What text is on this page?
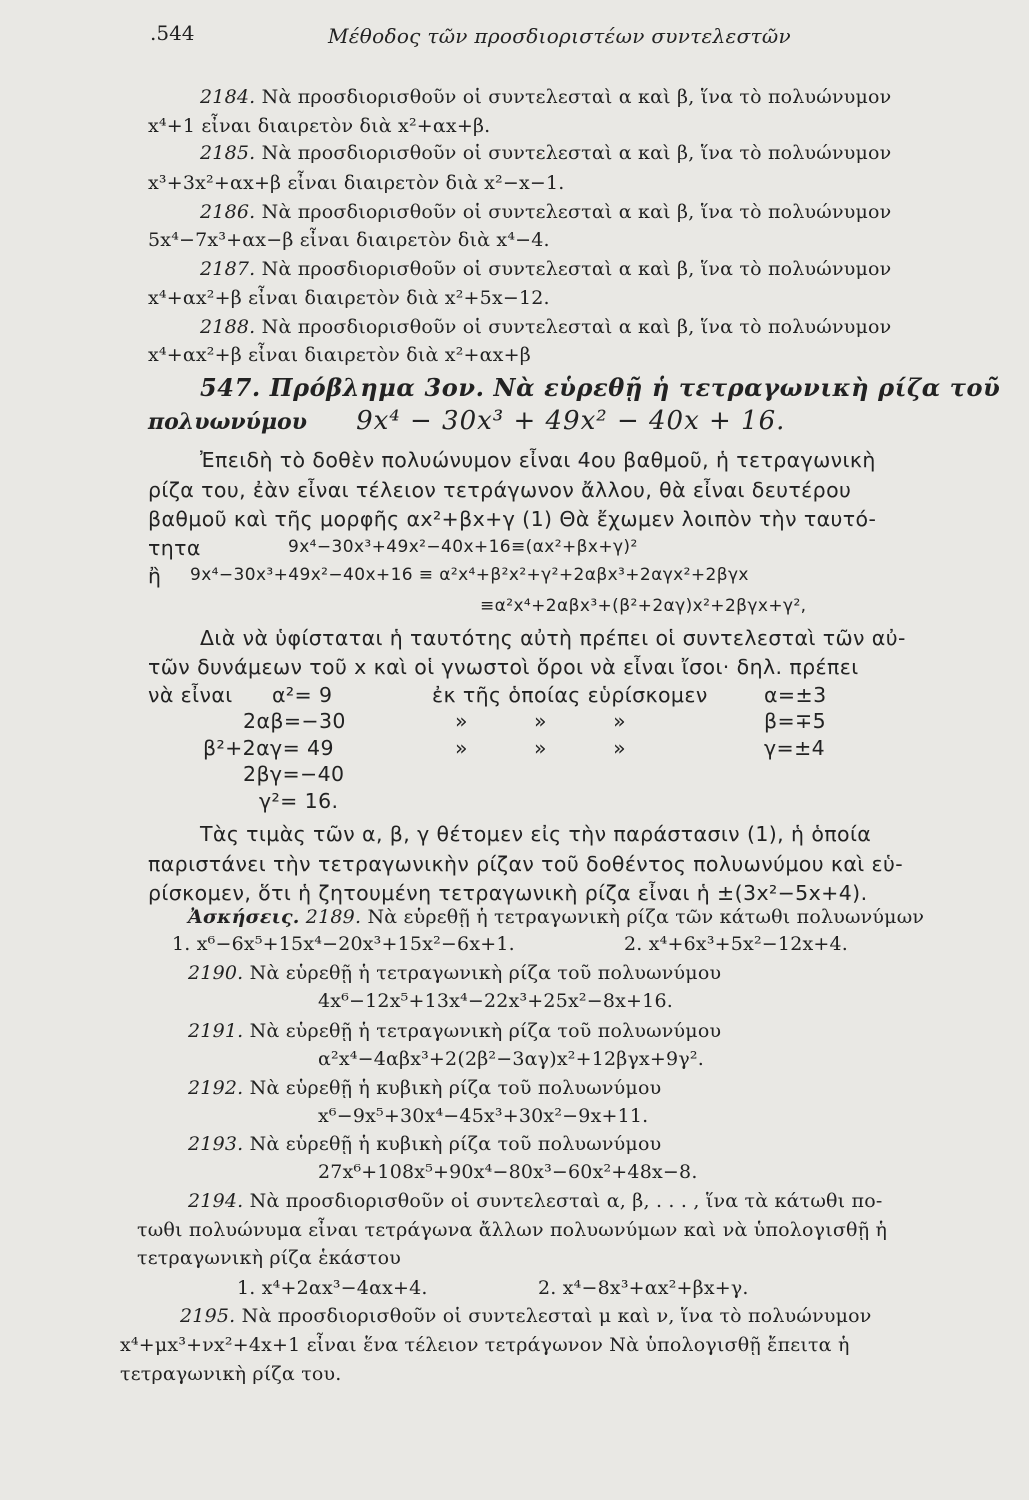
.544	Μέθοδος τῶν προσδιοριστέων συντελεστῶν
2184. Νὰ προσδιορισθοῦν οἱ συντελεσταὶ α καὶ β, ἵνα τὸ πολυώνυμον
x⁴+1 εἶναι διαιρετὸν διὰ x²+αx+β.
2185. Νὰ προσδιορισθοῦν οἱ συντελεσταὶ α καὶ β, ἵνα τὸ πολυώνυμον
x³+3x²+αx+β εἶναι διαιρετὸν διὰ x²−x−1.
2186. Νὰ προσδιορισθοῦν οἱ συντελεσταὶ α καὶ β, ἵνα τὸ πολυώνυμον
5x⁴−7x³+αx−β εἶναι διαιρετὸν διὰ x⁴−4.
2187. Νὰ προσδιορισθοῦν οἱ συντελεσταὶ α καὶ β, ἵνα τὸ πολυώνυμον
x⁴+αx²+β εἶναι διαιρετὸν διὰ x²+5x−12.
2188. Νὰ προσδιορισθοῦν οἱ συντελεσταὶ α καὶ β, ἵνα τὸ πολυώνυμον
x⁴+αx²+β εἶναι διαιρετὸν διὰ x²+αx+β
547. Πρόβλημα 3ον. Νὰ εὑρεθῇ ἡ τετραγωνικὴ ρίζα τοῦ
πολυωνύμου 9x⁴ − 30x³ + 49x² − 40x + 16.
Ἐπειδὴ τὸ δοθὲν πολυώνυμον εἶναι 4ου βαθμοῦ, ἡ τετραγωνικὴ
ρίζα του, ἐὰν εἶναι τέλειον τετράγωνον ἄλλου, θὰ εἶναι δευτέρου
βαθμοῦ καὶ τῆς μορφῆς αx²+βx+γ (1) Θὰ ἔχωμεν λοιπὸν τὴν ταυτό-
τητα	9x⁴−30x³+49x²−40x+16≡(αx²+βx+γ)²
ἢ 9x⁴−30x³+49x²−40x+16 ≡ α²x⁴+β²x²+γ²+2αβx³+2αγx²+2βγx
≡α²x⁴+2αβx³+(β²+2αγ)x²+2βγx+γ²,
Διὰ νὰ ὑφίσταται ἡ ταυτότης αὐτὴ πρέπει οἱ συντελεσταὶ τῶν αὐ-
τῶν δυνάμεων τοῦ x καὶ οἱ γνωστοὶ ὅροι νὰ εἶναι ἴσοι· δηλ. πρέπει
νὰ εἶναι α²= 9	ἐκ τῆς ὁποίας εὑρίσκομεν	α=±3
2αβ=−30	» » »	β=∓5
β²+2αγ= 49	» » »	γ=±4
2βγ=−40
γ²= 16.
Τὰς τιμὰς τῶν α, β, γ θέτομεν εἰς τὴν παράστασιν (1), ἡ ὁποία
παριστάνει τὴν τετραγωνικὴν ρίζαν τοῦ δοθέντος πολυωνύμου καὶ εὑ-
ρίσκομεν, ὅτι ἡ ζητουμένη τετραγωνικὴ ρίζα εἶναι ἡ ±(3x²−5x+4).
Ἀσκήσεις. 2189. Νὰ εὑρεθῇ ἡ τετραγωνικὴ ρίζα τῶν κάτωθι πολυωνύμων
1. x⁶−6x⁵+15x⁴−20x³+15x²−6x+1.	2. x⁴+6x³+5x²−12x+4.
2190. Νὰ εὑρεθῇ ἡ τετραγωνικὴ ρίζα τοῦ πολυωνύμου
4x⁶−12x⁵+13x⁴−22x³+25x²−8x+16.
2191. Νὰ εὑρεθῇ ἡ τετραγωνικὴ ρίζα τοῦ πολυωνύμου
α²x⁴−4αβx³+2(2β²−3αγ)x²+12βγx+9γ².
2192. Νὰ εὑρεθῇ ἡ κυβικὴ ρίζα τοῦ πολυωνύμου
x⁶−9x⁵+30x⁴−45x³+30x²−9x+11.
2193. Νὰ εὑρεθῇ ἡ κυβικὴ ρίζα τοῦ πολυωνύμου
27x⁶+108x⁵+90x⁴−80x³−60x²+48x−8.
2194. Νὰ προσδιορισθοῦν οἱ συντελεσταὶ α, β, . . . , ἵνα τὰ κάτωθι πο-
τωθι πολυώνυμα εἶναι τετράγωνα ἄλλων πολυωνύμων καὶ νὰ ὑπολογισθῇ ἡ
τετραγωνικὴ ρίζα ἑκάστου
1. x⁴+2αx³−4αx+4.	2. x⁴−8x³+αx²+βx+γ.
2195. Νὰ προσδιορισθοῦν οἱ συντελεσταὶ μ καὶ ν, ἵνα τὸ πολυώνυμον
x⁴+μx³+νx²+4x+1 εἶναι ἕνα τέλειον τετράγωνον Νὰ ὑπολογισθῇ ἔπειτα ἡ
τετραγωνικὴ ρίζα του.
